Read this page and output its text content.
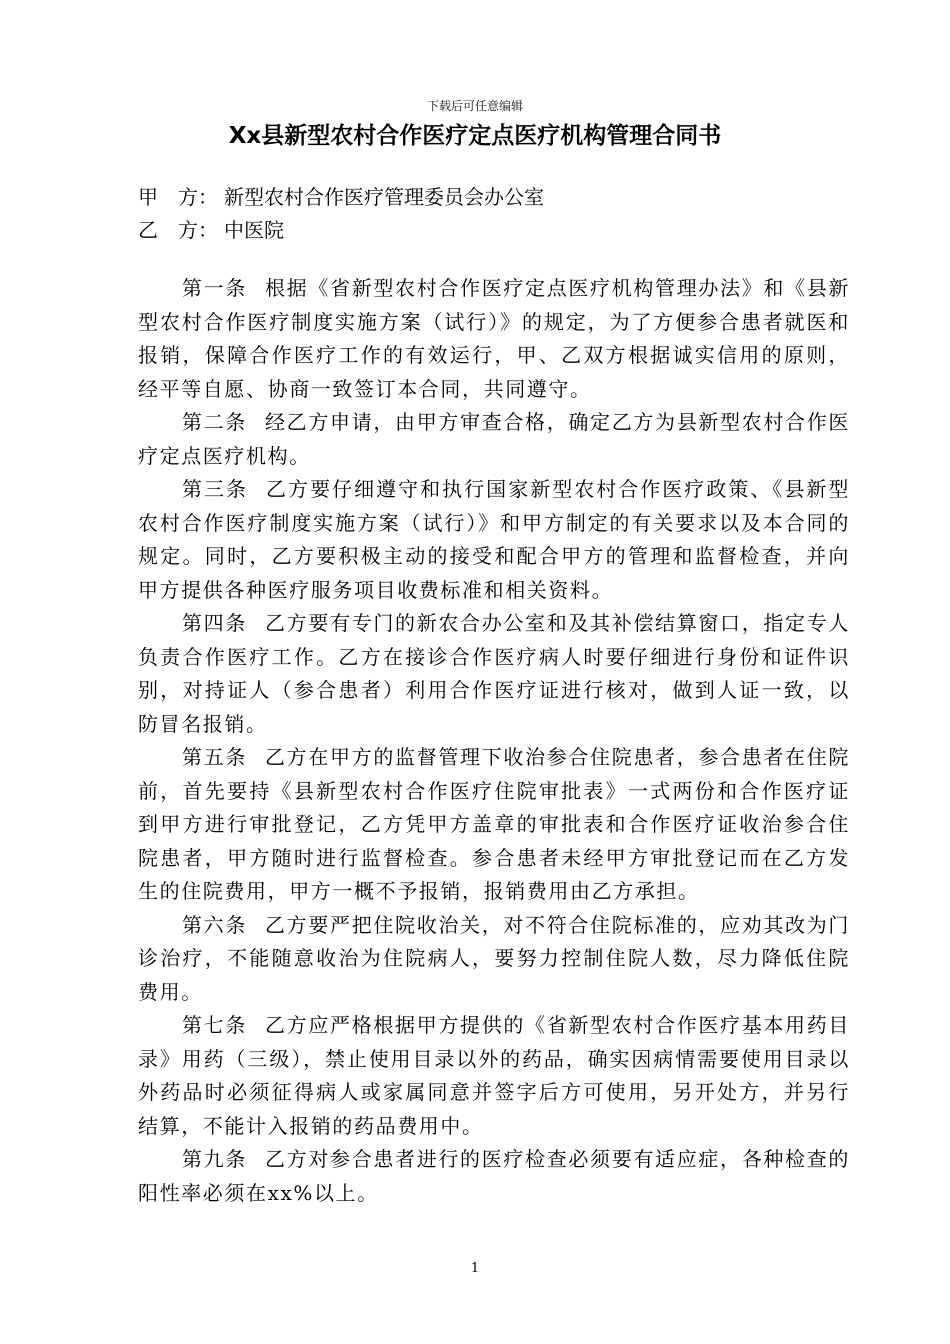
下载后可任意编辑
Xx县新型农村合作医疗定点医疗机构管理合同书
甲　方： 新型农村合作医疗管理委员会办公室
乙　方： 中医院

第一条 根据《省新型农村合作医疗定点医疗机构管理办法》和《县新型农村合作医疗制度实施方案（试行）》的规定，为了方便参合患者就医和报销，保障合作医疗工作的有效运行，甲、乙双方根据诚实信用的原则，经平等自愿、协商一致签订本合同，共同遵守。

第二条 经乙方申请，由甲方审查合格，确定乙方为县新型农村合作医疗定点医疗机构。

第三条 乙方要仔细遵守和执行国家新型农村合作医疗政策、《县新型农村合作医疗制度实施方案（试行）》和甲方制定的有关要求以及本合同的规定。同时，乙方要积极主动的接受和配合甲方的管理和监督检查，并向甲方提供各种医疗服务项目收费标准和相关资料。

第四条 乙方要有专门的新农合办公室和及其补偿结算窗口，指定专人负责合作医疗工作。乙方在接诊合作医疗病人时要仔细进行身份和证件识别，对持证人（参合患者）利用合作医疗证进行核对，做到人证一致，以防冒名报销。

第五条 乙方在甲方的监督管理下收治参合住院患者，参合患者在住院前，首先要持《县新型农村合作医疗住院审批表》一式两份和合作医疗证到甲方进行审批登记，乙方凭甲方盖章的审批表和合作医疗证收治参合住院患者，甲方随时进行监督检查。参合患者未经甲方审批登记而在乙方发生的住院费用，甲方一概不予报销，报销费用由乙方承担。

第六条 乙方要严把住院收治关，对不符合住院标准的，应劝其改为门诊治疗，不能随意收治为住院病人，要努力控制住院人数，尽力降低住院费用。

第七条 乙方应严格根据甲方提供的《省新型农村合作医疗基本用药目录》用药（三级），禁止使用目录以外的药品，确实因病情需要使用目录以外药品时必须征得病人或家属同意并签字后方可使用，另开处方，并另行结算，不能计入报销的药品费用中。

第九条 乙方对参合患者进行的医疗检查必须要有适应症，各种检查的阳性率必须在xx%以上。

1
